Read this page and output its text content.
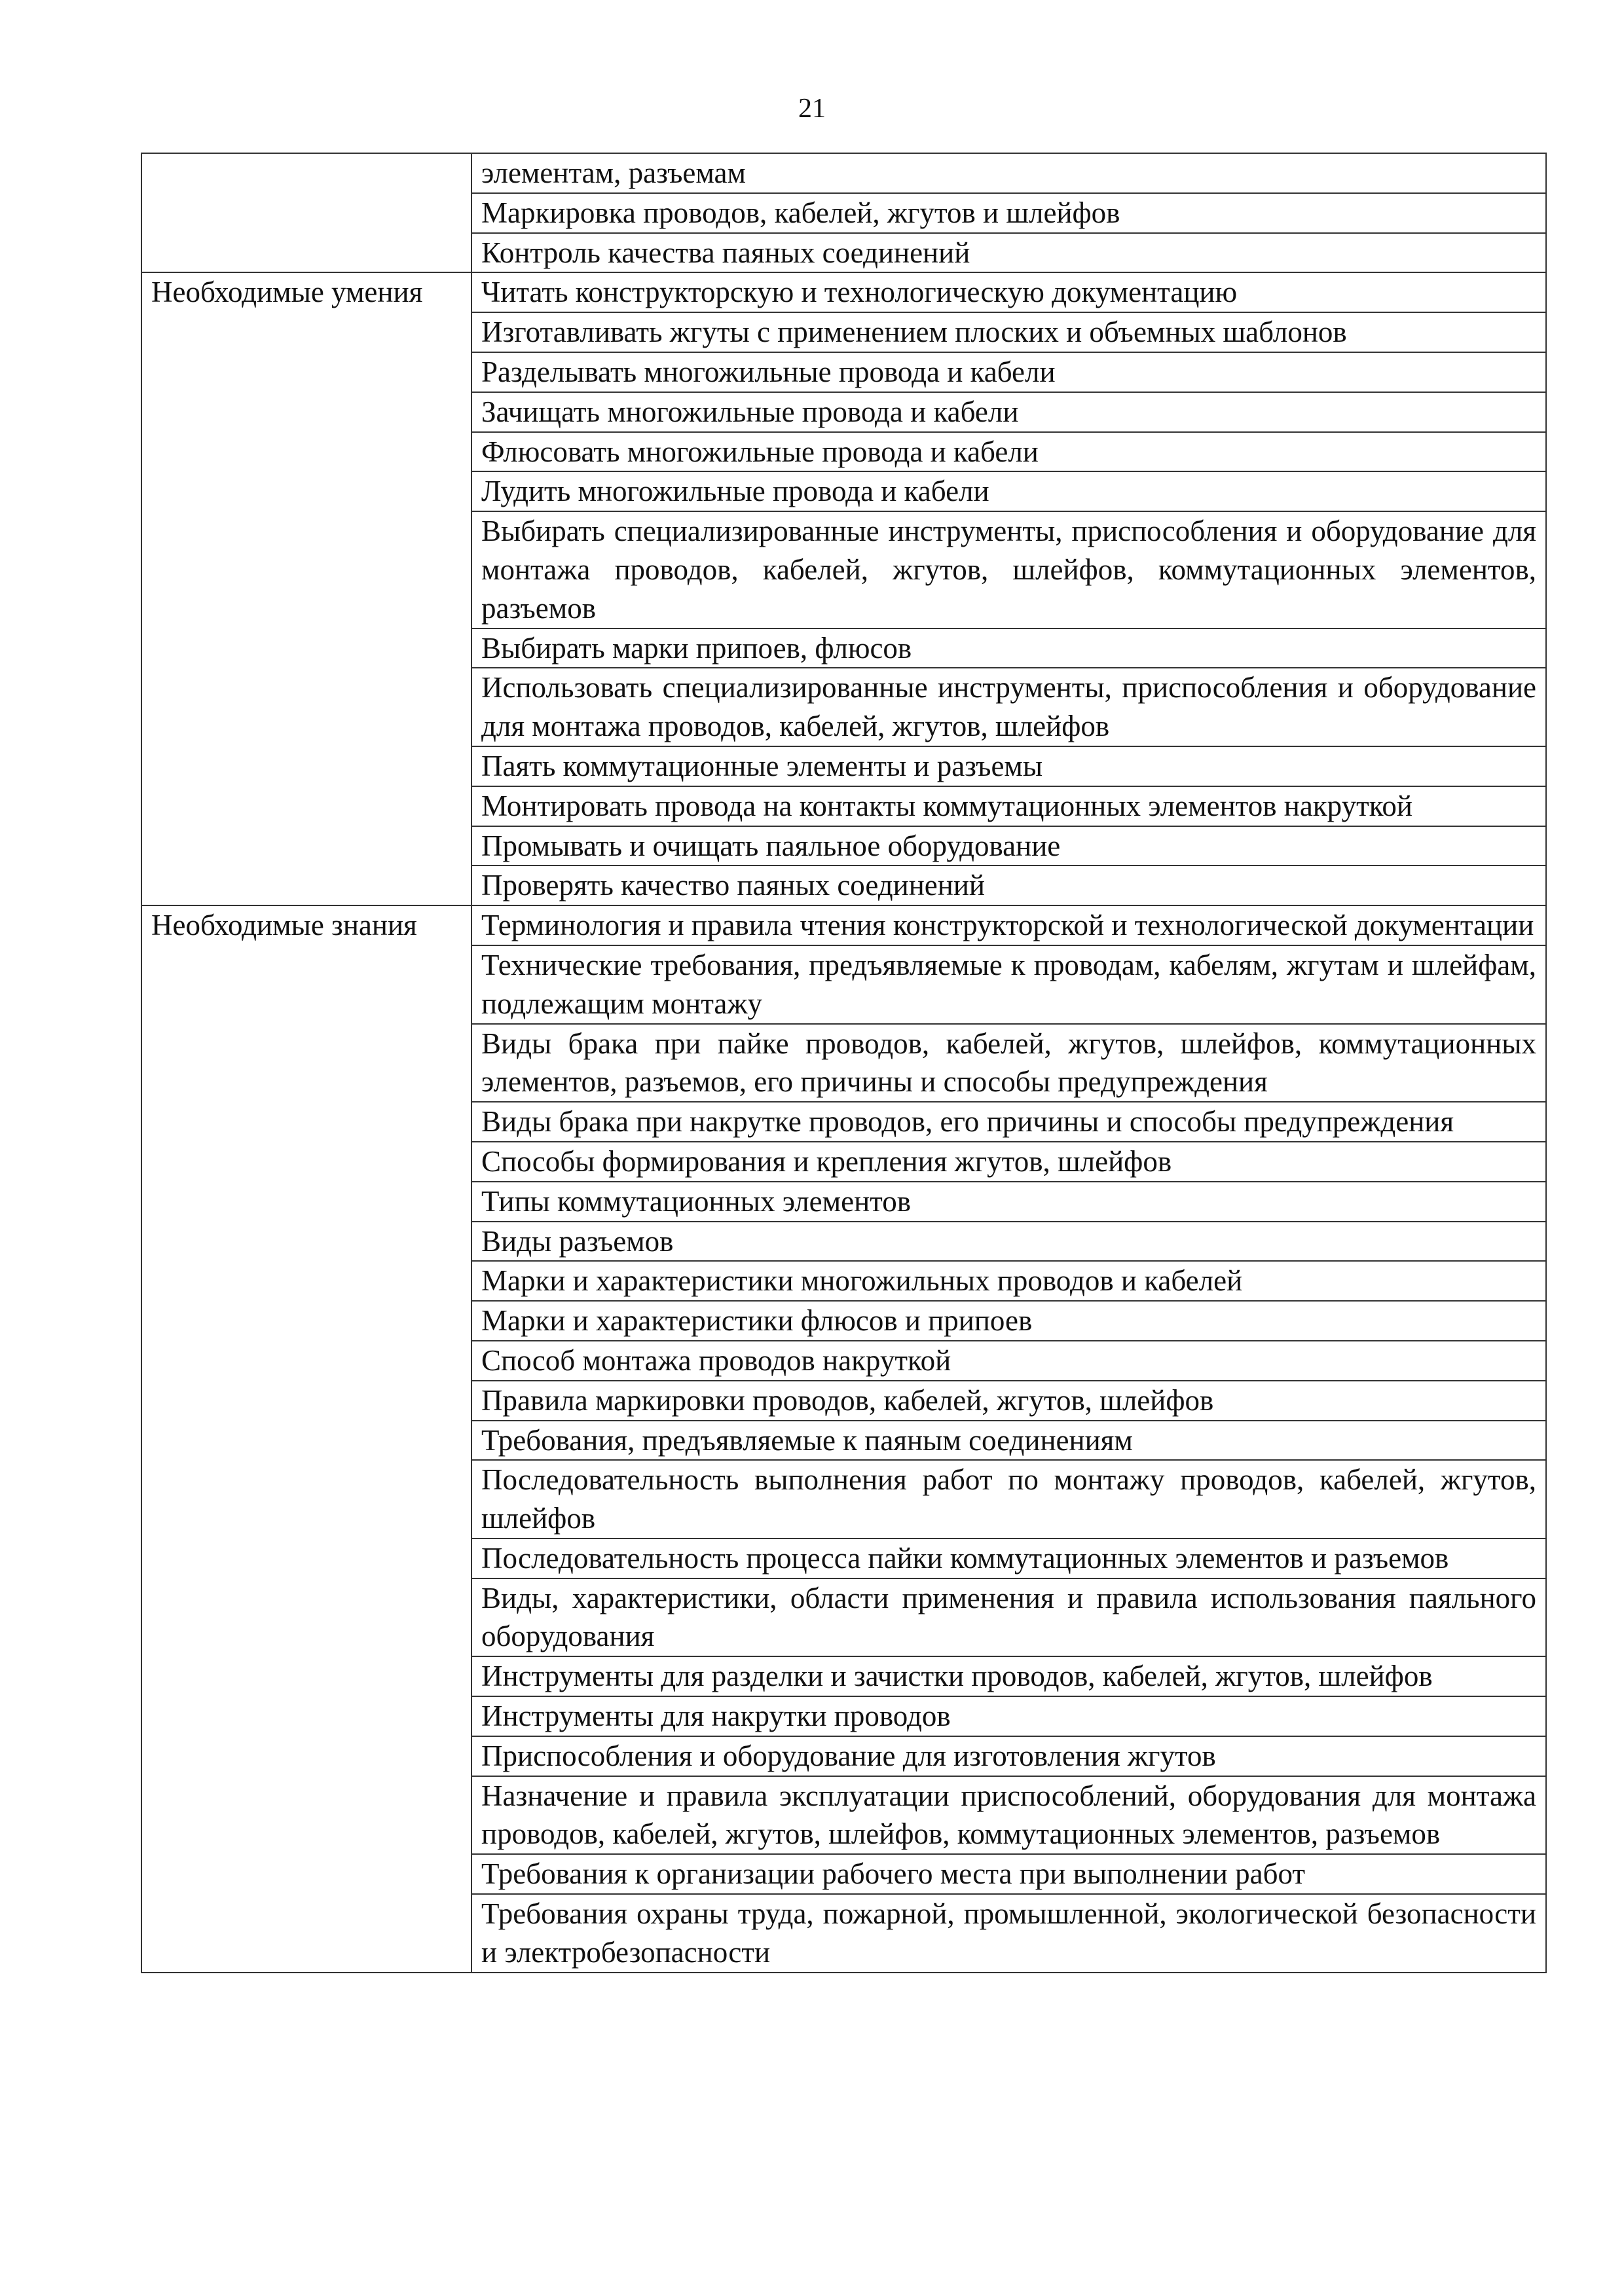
21
	элементам, разъемам
	Маркировка проводов, кабелей, жгутов и шлейфов
	Контроль качества паяных соединений
Необходимые умения	Читать конструкторскую и технологическую документацию
	Изготавливать жгуты с применением плоских и объемных шаблонов
	Разделывать многожильные провода и кабели
	Зачищать многожильные провода и кабели
	Флюсовать многожильные провода и кабели
	Лудить многожильные провода и кабели
	Выбирать специализированные инструменты, приспособления и оборудование для монтажа проводов, кабелей, жгутов, шлейфов, коммутационных элементов, разъемов
	Выбирать марки припоев, флюсов
	Использовать специализированные инструменты, приспособления и оборудование для монтажа проводов, кабелей, жгутов, шлейфов
	Паять коммутационные элементы и разъемы
	Монтировать провода на контакты коммутационных элементов накруткой
	Промывать и очищать паяльное оборудование
	Проверять качество паяных соединений
Необходимые знания	Терминология и правила чтения конструкторской и технологической документации
	Технические требования, предъявляемые к проводам, кабелям, жгутам и шлейфам, подлежащим монтажу
	Виды брака при пайке проводов, кабелей, жгутов, шлейфов, коммутационных элементов, разъемов, его причины и способы предупреждения
	Виды брака при накрутке проводов, его причины и способы предупреждения
	Способы формирования и крепления жгутов, шлейфов
	Типы коммутационных элементов
	Виды разъемов
	Марки и характеристики многожильных проводов и кабелей
	Марки и характеристики флюсов и припоев
	Способ монтажа проводов накруткой
	Правила маркировки проводов, кабелей, жгутов, шлейфов
	Требования, предъявляемые к паяным соединениям
	Последовательность выполнения работ по монтажу проводов, кабелей, жгутов, шлейфов
	Последовательность процесса пайки коммутационных элементов и разъемов
	Виды, характеристики, области применения и правила использования паяльного оборудования
	Инструменты для разделки и зачистки проводов, кабелей, жгутов, шлейфов
	Инструменты для накрутки проводов
	Приспособления и оборудование для изготовления жгутов
	Назначение и правила эксплуатации приспособлений, оборудования для монтажа проводов, кабелей, жгутов, шлейфов, коммутационных элементов, разъемов
	Требования к организации рабочего места при выполнении работ
	Требования охраны труда, пожарной, промышленной, экологической безопасности и электробезопасности
